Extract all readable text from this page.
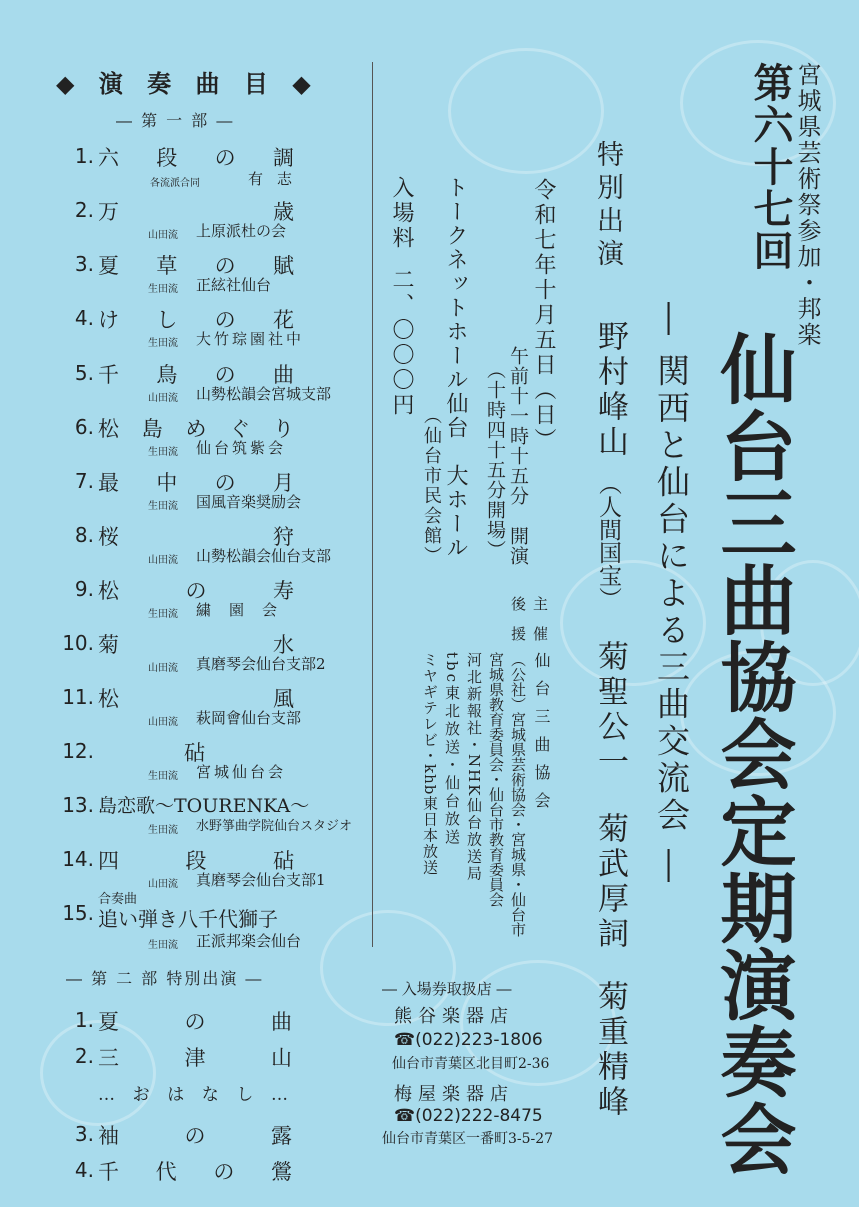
◆ 演 奏 曲 目 ◆
― 第 一 部 ―
1. 六段の調
各流派合同	有志
2. 万歳
山田流 上原派杜の会
3. 夏草の賦
生田流 正絃社仙台
4. けしの花
生田流 大竹琮園社中
5. 千鳥の曲
山田流 山勢松韻会宮城支部
6. 松島めぐり
生田流 仙台筑紫会
7. 最中の月
生田流 国風音楽奨励会
8. 桜狩
山田流 山勢松韻会仙台支部
9. 松の寿
生田流 繍園会
10. 菊水
山田流 真磨琴会仙台支部2
11. 松風
山田流 萩岡會仙台支部
12.	砧
生田流 宮城仙台会
13. 島恋歌〜TOURENKA〜
生田流 水野箏曲学院仙台スタジオ
14. 四段砧
山田流 真磨琴会仙台支部1
15.
合奏曲
追い弾き八千代獅子
生田流 正派邦楽会仙台
― 第 二 部 特別出演 ―
1. 夏の曲
2. 三津山
…おはなし…
3. 袖の露
4. 千代の鶯
宮城県芸術祭参加・邦楽
第六十七回
仙台三曲協会定期演奏会
― 関西と仙台による三曲交流会 ―
特別出演
野村峰山
（人間国宝）
菊聖公一
菊武厚詞
菊重精峰
令和七年十月五日（日）
午前十一時十五分　開演
（十時四十五分開場）
トークネットホール仙台　大ホール
（仙台市民会館）
入場料
二、〇〇〇円
主　催
仙台三曲協会
後　援
（公社）宮城県芸術協会・宮城県・仙台市
宮城県教育委員会・仙台市教育委員会
河北新報社・NHK仙台放送局
tbc東北放送・仙台放送
ミヤギテレビ・khb東日本放送
― 入場券取扱店 ―
熊谷楽器店
☎(022)223-1806
仙台市青葉区北目町2-36
梅屋楽器店
☎(022)222-8475
仙台市青葉区一番町3-5-27
